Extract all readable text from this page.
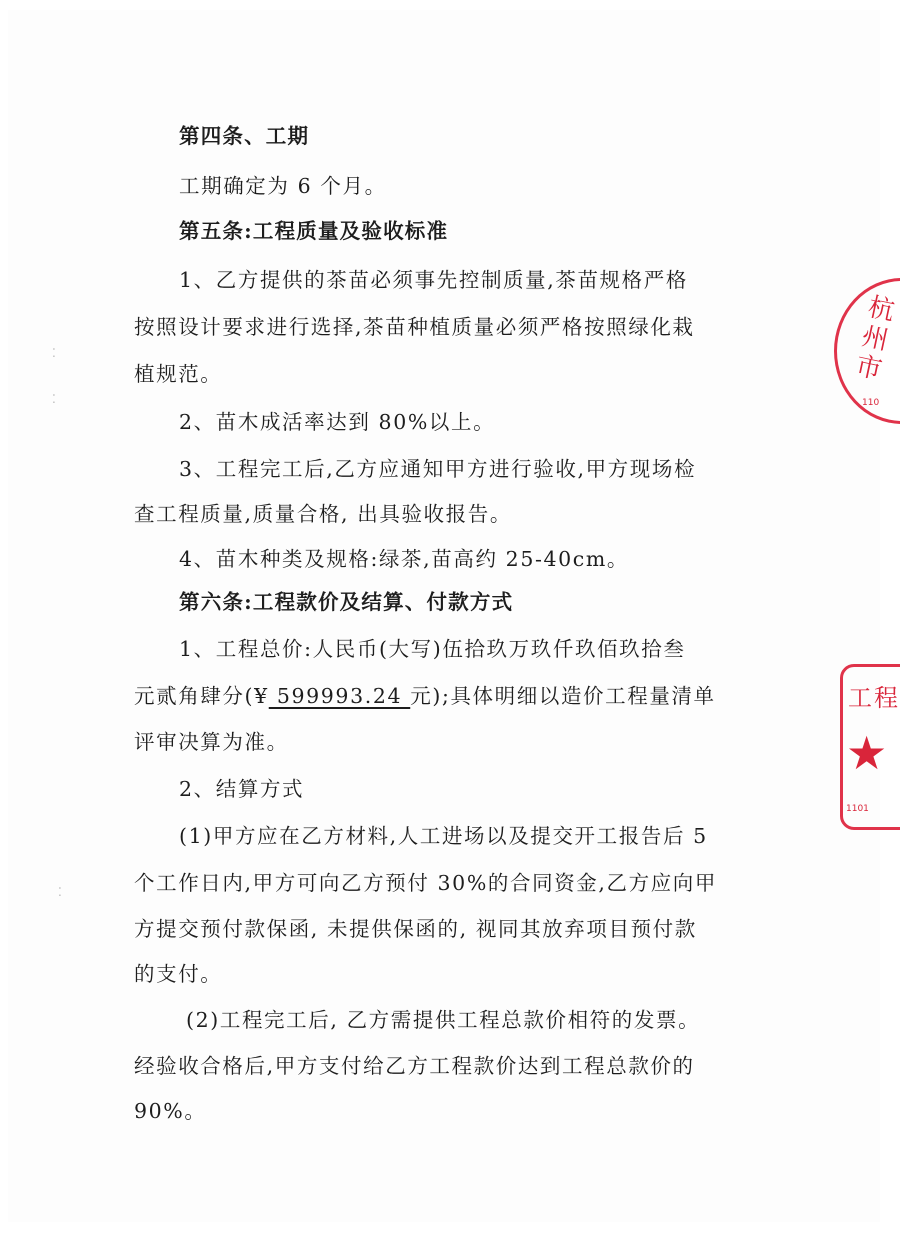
第四条、工期
工期确定为 6 个月。
第五条:工程质量及验收标准
1、乙方提供的茶苗必须事先控制质量,茶苗规格严格
按照设计要求进行选择,茶苗种植质量必须严格按照绿化栽
植规范。
2、苗木成活率达到 80%以上。
3、工程完工后,乙方应通知甲方进行验收,甲方现场检
查工程质量,质量合格, 出具验收报告。
4、苗木种类及规格:绿茶,苗高约 25-40cm。
第六条:工程款价及结算、付款方式
1、工程总价:人民币(大写)伍拾玖万玖仟玖佰玖拾叁
元贰角肆分(¥ 599993.24 元);具体明细以造价工程量清单
评审决算为准。
2、结算方式
(1)甲方应在乙方材料,人工进场以及提交开工报告后 5
个工作日内,甲方可向乙方预付 30%的合同资金,乙方应向甲
方提交预付款保函, 未提供保函的, 视同其放弃项目预付款
的支付。
(2)工程完工后, 乙方需提供工程总款价相符的发票。
经验收合格后,甲方支付给乙方工程款价达到工程总款价的
90%。
⁚
⁚
⁚
杭州市
110
工程
★
1101
